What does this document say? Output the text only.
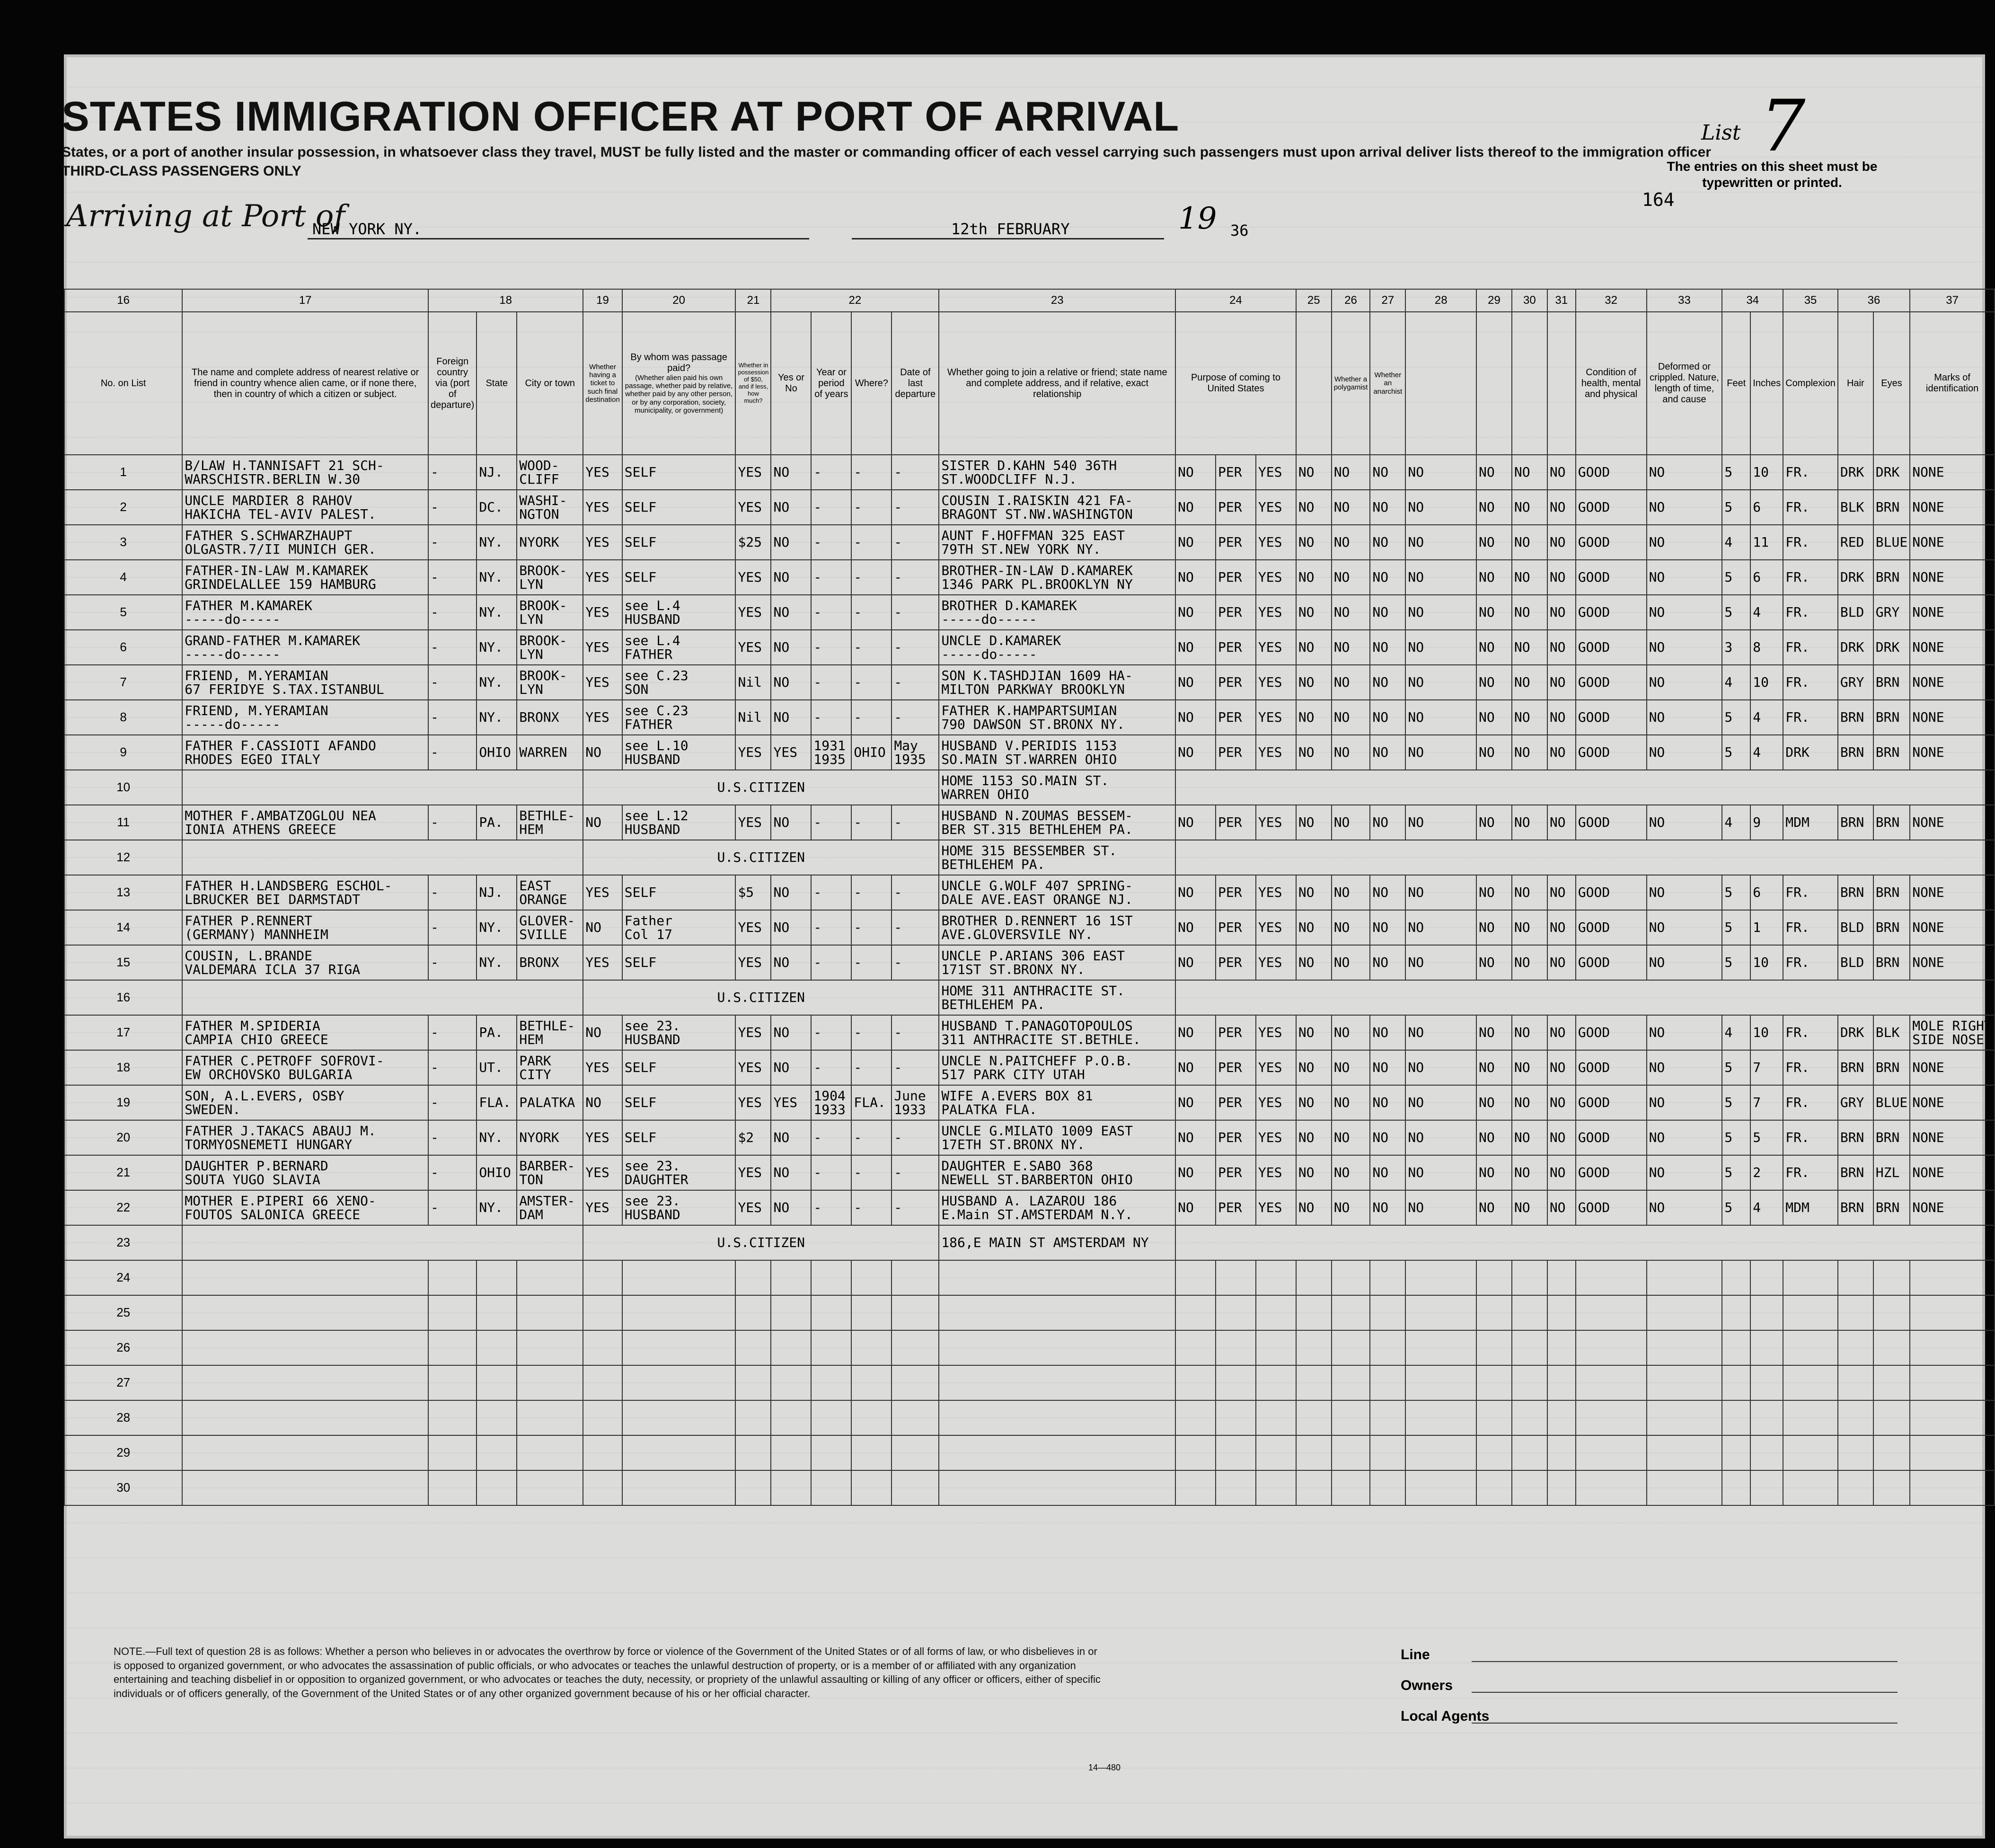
STATES IMMIGRATION OFFICER AT PORT OF ARRIVAL
States, or a port of another insular possession, in whatsoever class they travel, MUST be fully listed and the master or commanding officer of each vessel carrying such passengers must upon arrival deliver lists thereof to the immigration officer
THIRD-CLASS PASSENGERS ONLY
Arriving at Port of
NEW YORK NY.	12th FEBRUARY	19 36
List 7
The entries on this sheet must be typewritten or printed.
164
16	17	18			19	20	21	22				23	24			25	26	27	28	29	30	31	32	33	34		35	36		37
No. on List	The name and complete address of nearest relative or friend in country whence alien came, or if none there, then in country of which a citizen or subject.	Foreign country via (port of departure)	State	City or town	Whether having a ticket to such final destination	By whom was passage paid?
(Whether alien paid his own passage, whether paid by relative, whether paid by any other person, or by any corporation, society, municipality, or government)	Whether in possession of $50, and if less, how much?	Yes or No	Year or period of years	Where?	Date of last departure	Whether going to join a relative or friend; state name and complete address, and if relative, exact relationship	Purpose of coming to United States				Whether a polygamist	Whether an anarchist					Condition of health, mental and physical	Deformed or crippled. Nature, length of time, and cause	Feet	Inches	Complexion	Hair	Eyes	Marks of identification
1	B/LAW H.TANNISAFT 21 SCH-
WARSCHISTR.BERLIN W.30	-	NJ.	WOOD-
CLIFF	YES	SELF	YES	NO	-	-	-	SISTER D.KAHN 540 36TH
ST.WOODCLIFF N.J.	NO	PER	YES	NO	NO	NO	NO	NO	NO	NO	GOOD	NO	5	10	FR.	DRK	DRK	NONE
2	UNCLE MARDIER 8 RAHOV
HAKICHA TEL-AVIV PALEST.	-	DC.	WASHI-
NGTON	YES	SELF	YES	NO	-	-	-	COUSIN I.RAISKIN 421 FA-
BRAGONT ST.NW.WASHINGTON	NO	PER	YES	NO	NO	NO	NO	NO	NO	NO	GOOD	NO	5	6	FR.	BLK	BRN	NONE
3	FATHER S.SCHWARZHAUPT
OLGASTR.7/II MUNICH GER.	-	NY.	NYORK	YES	SELF	$25	NO	-	-	-	AUNT F.HOFFMAN 325 EAST
79TH ST.NEW YORK NY.	NO	PER	YES	NO	NO	NO	NO	NO	NO	NO	GOOD	NO	4	11	FR.	RED	BLUE	NONE
4	FATHER-IN-LAW M.KAMAREK
GRINDELALLEE 159 HAMBURG	-	NY.	BROOK-
LYN	YES	SELF	YES	NO	-	-	-	BROTHER-IN-LAW D.KAMAREK
1346 PARK PL.BROOKLYN NY	NO	PER	YES	NO	NO	NO	NO	NO	NO	NO	GOOD	NO	5	6	FR.	DRK	BRN	NONE
5	FATHER M.KAMAREK
-----do-----	-	NY.	BROOK-
LYN	YES	see L.4
HUSBAND	YES	NO	-	-	-	BROTHER D.KAMAREK
-----do-----	NO	PER	YES	NO	NO	NO	NO	NO	NO	NO	GOOD	NO	5	4	FR.	BLD	GRY	NONE
6	GRAND-FATHER M.KAMAREK
-----do-----	-	NY.	BROOK-
LYN	YES	see L.4
FATHER	YES	NO	-	-	-	UNCLE D.KAMAREK
-----do-----	NO	PER	YES	NO	NO	NO	NO	NO	NO	NO	GOOD	NO	3	8	FR.	DRK	DRK	NONE
7	FRIEND, M.YERAMIAN
67 FERIDYE S.TAX.ISTANBUL	-	NY.	BROOK-
LYN	YES	see C.23
SON	Nil	NO	-	-	-	SON K.TASHDJIAN 1609 HA-
MILTON PARKWAY BROOKLYN	NO	PER	YES	NO	NO	NO	NO	NO	NO	NO	GOOD	NO	4	10	FR.	GRY	BRN	NONE
8	FRIEND, M.YERAMIAN
-----do-----	-	NY.	BRONX	YES	see C.23
FATHER	Nil	NO	-	-	-	FATHER K.HAMPARTSUMIAN
790 DAWSON ST.BRONX NY.	NO	PER	YES	NO	NO	NO	NO	NO	NO	NO	GOOD	NO	5	4	FR.	BRN	BRN	NONE
9	FATHER F.CASSIOTI AFANDO
RHODES EGEO ITALY	-	OHIO	WARREN	NO	see L.10
HUSBAND	YES	YES	1931
1935	OHIO	May
1935	HUSBAND V.PERIDIS 1153
SO.MAIN ST.WARREN OHIO	NO	PER	YES	NO	NO	NO	NO	NO	NO	NO	GOOD	NO	5	4	DRK	BRN	BRN	NONE
10					U.S.CITIZEN							HOME 1153 SO.MAIN ST.
WARREN OHIO																		
11	MOTHER F.AMBATZOGLOU NEA
IONIA ATHENS GREECE	-	PA.	BETHLE-
HEM	NO	see L.12
HUSBAND	YES	NO	-	-	-	HUSBAND N.ZOUMAS BESSEM-
BER ST.315 BETHLEHEM PA.	NO	PER	YES	NO	NO	NO	NO	NO	NO	NO	GOOD	NO	4	9	MDM	BRN	BRN	NONE
12					U.S.CITIZEN							HOME 315 BESSEMBER ST.
BETHLEHEM PA.																		
13	FATHER H.LANDSBERG ESCHOL-
LBRUCKER BEI DARMSTADT	-	NJ.	EAST
ORANGE	YES	SELF	$5	NO	-	-	-	UNCLE G.WOLF 407 SPRING-
DALE AVE.EAST ORANGE NJ.	NO	PER	YES	NO	NO	NO	NO	NO	NO	NO	GOOD	NO	5	6	FR.	BRN	BRN	NONE
14	FATHER P.RENNERT
(GERMANY) MANNHEIM	-	NY.	GLOVER-
SVILLE	NO	Father
Col 17	YES	NO	-	-	-	BROTHER D.RENNERT 16 1ST
AVE.GLOVERSVILE NY.	NO	PER	YES	NO	NO	NO	NO	NO	NO	NO	GOOD	NO	5	1	FR.	BLD	BRN	NONE
15	COUSIN, L.BRANDE
VALDEMARA ICLA 37 RIGA	-	NY.	BRONX	YES	SELF	YES	NO	-	-	-	UNCLE P.ARIANS 306 EAST
171ST ST.BRONX NY.	NO	PER	YES	NO	NO	NO	NO	NO	NO	NO	GOOD	NO	5	10	FR.	BLD	BRN	NONE
16					U.S.CITIZEN							HOME 311 ANTHRACITE ST.
BETHLEHEM PA.																		
17	FATHER M.SPIDERIA
CAMPIA CHIO GREECE	-	PA.	BETHLE-
HEM	NO	see 23.
HUSBAND	YES	NO	-	-	-	HUSBAND T.PANAGOTOPOULOS
311 ANTHRACITE ST.BETHLE.	NO	PER	YES	NO	NO	NO	NO	NO	NO	NO	GOOD	NO	4	10	FR.	DRK	BLK	MOLE RIGHT
SIDE NOSE
18	FATHER C.PETROFF SOFROVI-
EW ORCHOVSKO BULGARIA	-	UT.	PARK
CITY	YES	SELF	YES	NO	-	-	-	UNCLE N.PAITCHEFF P.O.B.
517 PARK CITY UTAH	NO	PER	YES	NO	NO	NO	NO	NO	NO	NO	GOOD	NO	5	7	FR.	BRN	BRN	NONE
19	SON, A.L.EVERS, OSBY
SWEDEN.	-	FLA.	PALATKA	NO	SELF	YES	YES	1904
1933	FLA.	June
1933	WIFE A.EVERS BOX 81
PALATKA FLA.	NO	PER	YES	NO	NO	NO	NO	NO	NO	NO	GOOD	NO	5	7	FR.	GRY	BLUE	NONE
20	FATHER J.TAKACS ABAUJ M.
TORMYOSNEMETI HUNGARY	-	NY.	NYORK	YES	SELF	$2	NO	-	-	-	UNCLE G.MILATO 1009 EAST
17ETH ST.BRONX NY.	NO	PER	YES	NO	NO	NO	NO	NO	NO	NO	GOOD	NO	5	5	FR.	BRN	BRN	NONE
21	DAUGHTER P.BERNARD
SOUTA YUGO SLAVIA	-	OHIO	BARBER-
TON	YES	see 23.
DAUGHTER	YES	NO	-	-	-	DAUGHTER E.SABO 368
NEWELL ST.BARBERTON OHIO	NO	PER	YES	NO	NO	NO	NO	NO	NO	NO	GOOD	NO	5	2	FR.	BRN	HZL	NONE
22	MOTHER E.PIPERI 66 XENO-
FOUTOS SALONICA GREECE	-	NY.	AMSTER-
DAM	YES	see 23.
HUSBAND	YES	NO	-	-	-	HUSBAND A. LAZAROU 186
E.Main ST.AMSTERDAM N.Y.	NO	PER	YES	NO	NO	NO	NO	NO	NO	NO	GOOD	NO	5	4	MDM	BRN	BRN	NONE
23					U.S.CITIZEN							186,E MAIN ST AMSTERDAM NY																		
24																														
25																														
26																														
27																														
28																														
29																														
30																														
NOTE.—Full text of question 28 is as follows: Whether a person who believes in or advocates the overthrow by force or violence of the Government of the United States or of all forms of law, or who disbelieves in or is opposed to organized government, or who advocates the assassination of public officials, or who advocates or teaches the unlawful destruction of property, or is a member of or affiliated with any organization entertaining and teaching disbelief in or opposition to organized government, or who advocates or teaches the duty, necessity, or propriety of the unlawful assaulting or killing of any officer or officers, either of specific individuals or of officers generally, of the Government of the United States or of any other organized government because of his or her official character.
Line
Owners
Local Agents
14—480
